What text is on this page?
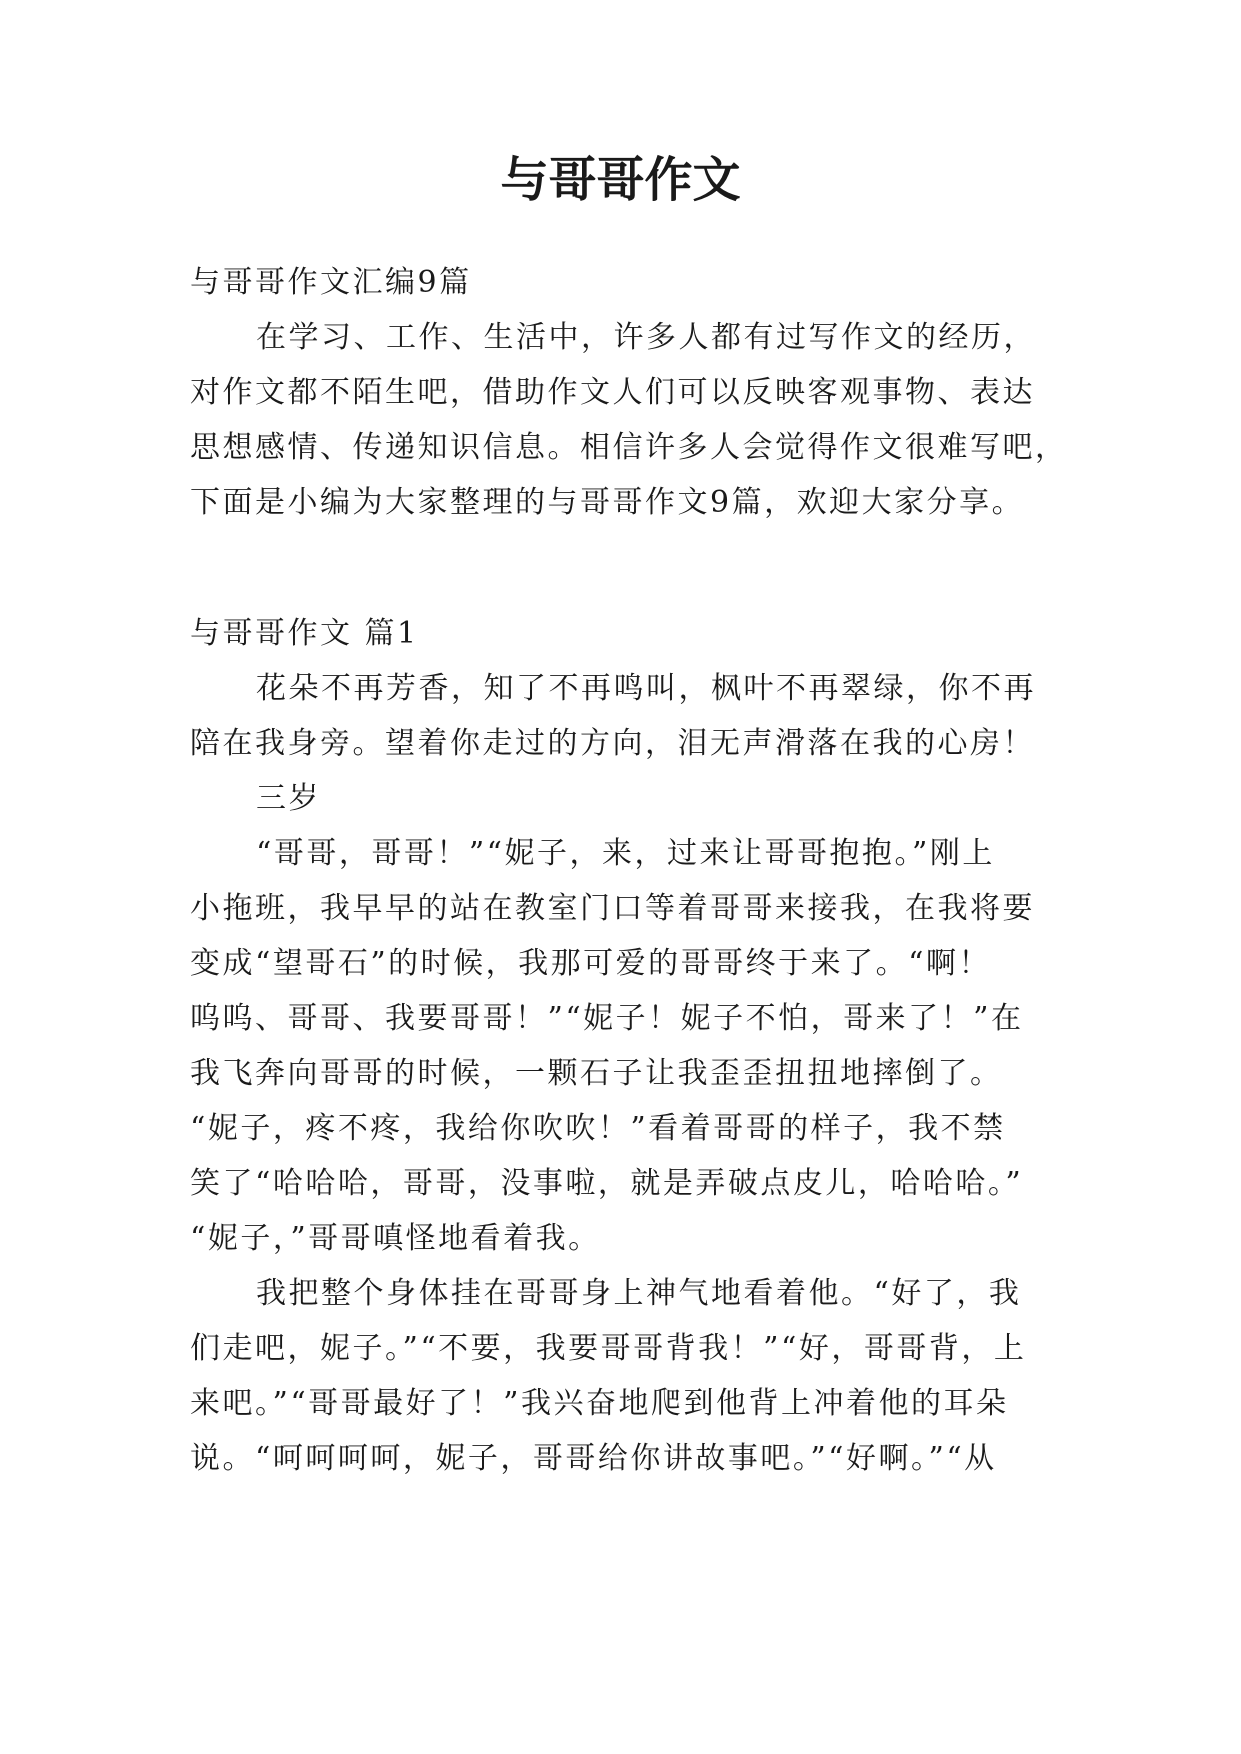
与哥哥作文
与哥哥作文汇编9篇
在学习、工作、生活中，许多人都有过写作文的经历，
对作文都不陌生吧，借助作文人们可以反映客观事物、表达
思想感情、传递知识信息。相信许多人会觉得作文很难写吧，
下面是小编为大家整理的与哥哥作文9篇，欢迎大家分享。
与哥哥作文 篇1
花朵不再芳香，知了不再鸣叫，枫叶不再翠绿，你不再
陪在我身旁。望着你走过的方向，泪无声滑落在我的心房！
三岁
“哥哥，哥哥！”“妮子，来，过来让哥哥抱抱。”刚上
小拖班，我早早的站在教室门口等着哥哥来接我，在我将要
变成“望哥石”的时候，我那可爱的哥哥终于来了。“啊！
呜呜、哥哥、我要哥哥！”“妮子！妮子不怕，哥来了！”在
我飞奔向哥哥的时候，一颗石子让我歪歪扭扭地摔倒了。
“妮子，疼不疼，我给你吹吹！”看着哥哥的样子，我不禁
笑了“哈哈哈，哥哥，没事啦，就是弄破点皮儿，哈哈哈。”
“妮子，”哥哥嗔怪地看着我。
我把整个身体挂在哥哥身上神气地看着他。“好了，我
们走吧，妮子。”“不要，我要哥哥背我！”“好，哥哥背，上
来吧。”“哥哥最好了！”我兴奋地爬到他背上冲着他的耳朵
说。“呵呵呵呵，妮子，哥哥给你讲故事吧。”“好啊。”“从
